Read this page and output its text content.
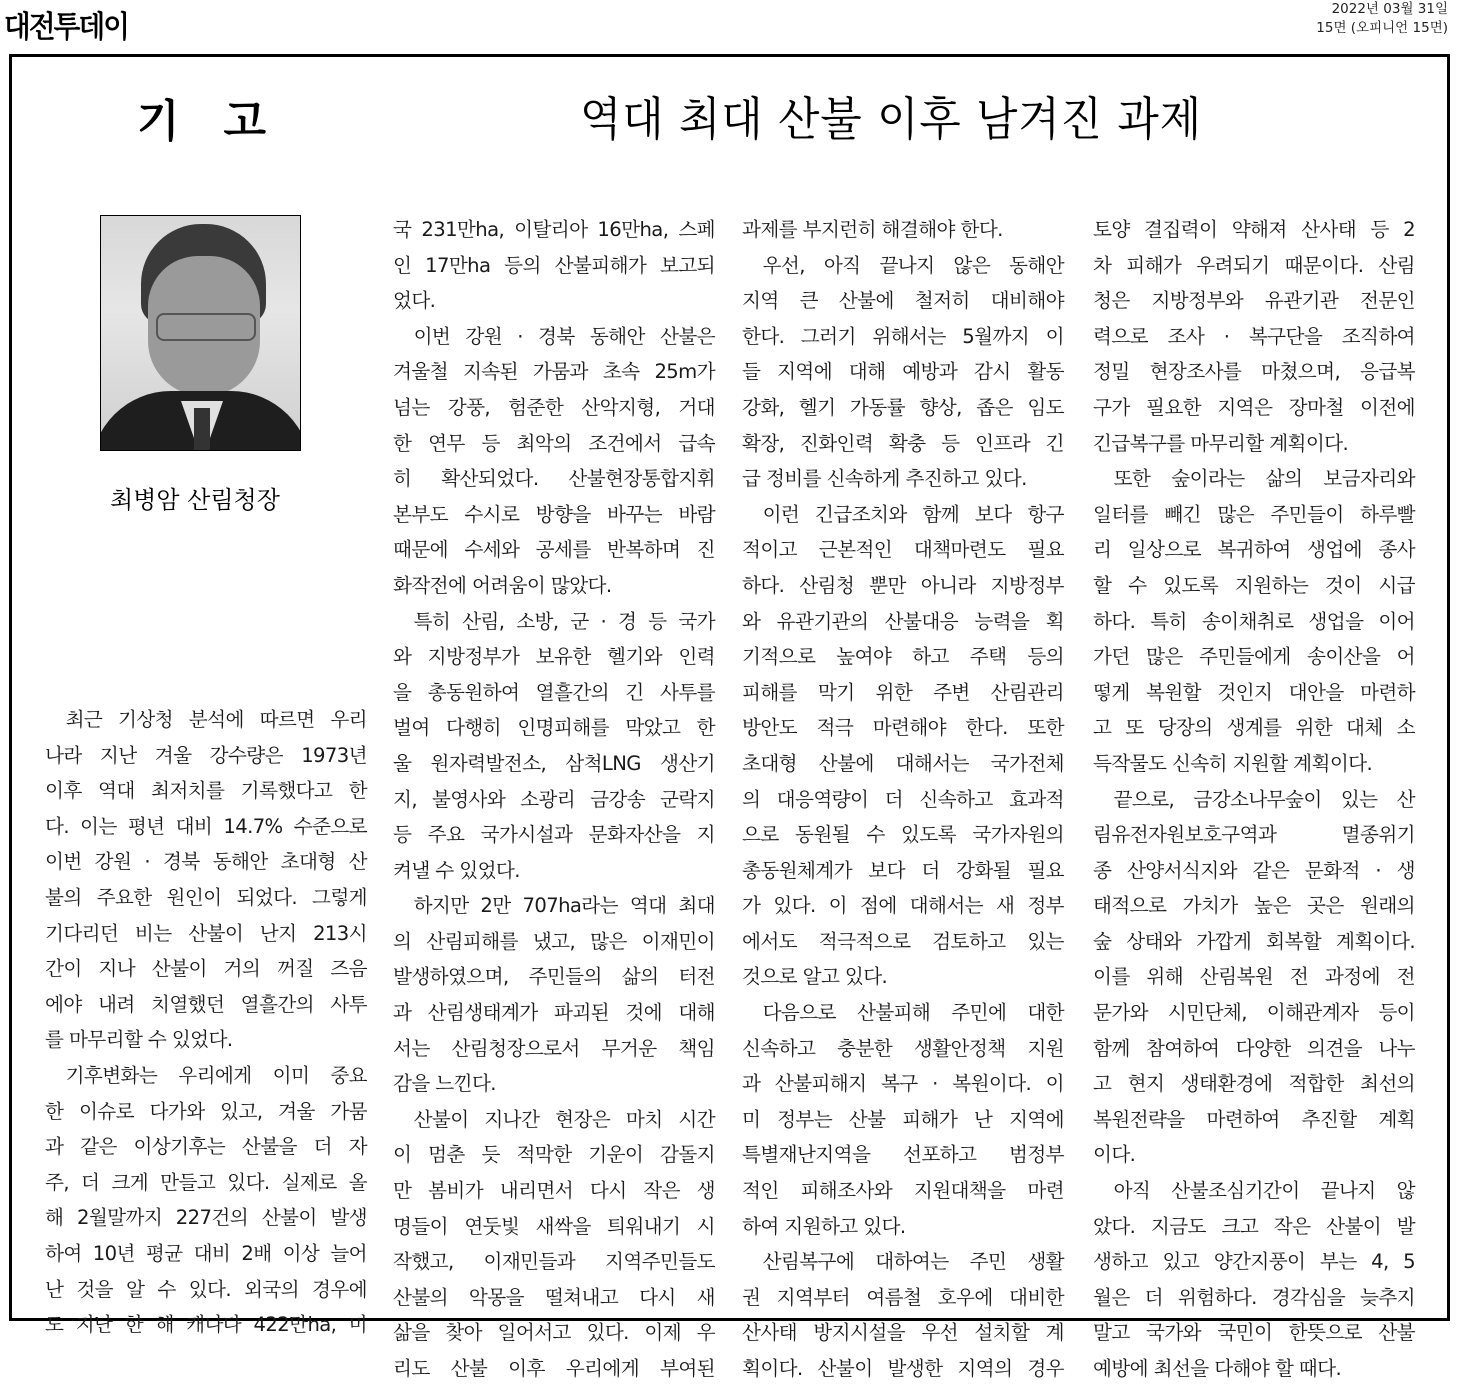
대전투데이
2022년 03월 31일
15면 (오피니언 15면)
기고	역대 최대 산불 이후 남겨진 과제
최병암 산림청장
최근 기상청 분석에 따르면 우리
나라 지난 겨울 강수량은 1973년
이후 역대 최저치를 기록했다고 한
다. 이는 평년 대비 14.7% 수준으로
이번 강원 · 경북 동해안 초대형 산
불의 주요한 원인이 되었다. 그렇게
기다리던 비는 산불이 난지 213시
간이 지나 산불이 거의 꺼질 즈음
에야 내려 치열했던 열흘간의 사투
를 마무리할 수 있었다.
기후변화는 우리에게 이미 중요
한 이슈로 다가와 있고, 겨울 가뭄
과 같은 이상기후는 산불을 더 자
주, 더 크게 만들고 있다. 실제로 올
해 2월말까지 227건의 산불이 발생
하여 10년 평균 대비 2배 이상 늘어
난 것을 알 수 있다. 외국의 경우에
도 지난 한 해 캐나다 422만ha, 미
국 231만ha, 이탈리아 16만ha, 스페
인 17만ha 등의 산불피해가 보고되
었다.
이번 강원 · 경북 동해안 산불은
겨울철 지속된 가뭄과 초속 25m가
넘는 강풍, 험준한 산악지형, 거대
한 연무 등 최악의 조건에서 급속
히 확산되었다. 산불현장통합지휘
본부도 수시로 방향을 바꾸는 바람
때문에 수세와 공세를 반복하며 진
화작전에 어려움이 많았다.
특히 산림, 소방, 군 · 경 등 국가
와 지방정부가 보유한 헬기와 인력
을 총동원하여 열흘간의 긴 사투를
벌여 다행히 인명피해를 막았고 한
울 원자력발전소, 삼척LNG 생산기
지, 불영사와 소광리 금강송 군락지
등 주요 국가시설과 문화자산을 지
켜낼 수 있었다.
하지만 2만 707ha라는 역대 최대
의 산림피해를 냈고, 많은 이재민이
발생하였으며, 주민들의 삶의 터전
과 산림생태계가 파괴된 것에 대해
서는 산림청장으로서 무거운 책임
감을 느낀다.
산불이 지나간 현장은 마치 시간
이 멈춘 듯 적막한 기운이 감돌지
만 봄비가 내리면서 다시 작은 생
명들이 연둣빛 새싹을 틔워내기 시
작했고, 이재민들과 지역주민들도
산불의 악몽을 떨쳐내고 다시 새
삶을 찾아 일어서고 있다. 이제 우
리도 산불 이후 우리에게 부여된
과제를 부지런히 해결해야 한다.
우선, 아직 끝나지 않은 동해안
지역 큰 산불에 철저히 대비해야
한다. 그러기 위해서는 5월까지 이
들 지역에 대해 예방과 감시 활동
강화, 헬기 가동률 향상, 좁은 임도
확장, 진화인력 확충 등 인프라 긴
급 정비를 신속하게 추진하고 있다.
이런 긴급조치와 함께 보다 항구
적이고 근본적인 대책마련도 필요
하다. 산림청 뿐만 아니라 지방정부
와 유관기관의 산불대응 능력을 획
기적으로 높여야 하고 주택 등의
피해를 막기 위한 주변 산림관리
방안도 적극 마련해야 한다. 또한
초대형 산불에 대해서는 국가전체
의 대응역량이 더 신속하고 효과적
으로 동원될 수 있도록 국가자원의
총동원체계가 보다 더 강화될 필요
가 있다. 이 점에 대해서는 새 정부
에서도 적극적으로 검토하고 있는
것으로 알고 있다.
다음으로 산불피해 주민에 대한
신속하고 충분한 생활안정책 지원
과 산불피해지 복구 · 복원이다. 이
미 정부는 산불 피해가 난 지역에
특별재난지역을 선포하고 범정부
적인 피해조사와 지원대책을 마련
하여 지원하고 있다.
산림복구에 대하여는 주민 생활
권 지역부터 여름철 호우에 대비한
산사태 방지시설을 우선 설치할 계
획이다. 산불이 발생한 지역의 경우
토양 결집력이 약해져 산사태 등 2
차 피해가 우려되기 때문이다. 산림
청은 지방정부와 유관기관 전문인
력으로 조사 · 복구단을 조직하여
정밀 현장조사를 마쳤으며, 응급복
구가 필요한 지역은 장마철 이전에
긴급복구를 마무리할 계획이다.
또한 숲이라는 삶의 보금자리와
일터를 빼긴 많은 주민들이 하루빨
리 일상으로 복귀하여 생업에 종사
할 수 있도록 지원하는 것이 시급
하다. 특히 송이채취로 생업을 이어
가던 많은 주민들에게 송이산을 어
떻게 복원할 것인지 대안을 마련하
고 또 당장의 생계를 위한 대체 소
득작물도 신속히 지원할 계획이다.
끝으로, 금강소나무숲이 있는 산
림유전자원보호구역과 멸종위기
종 산양서식지와 같은 문화적 · 생
태적으로 가치가 높은 곳은 원래의
숲 상태와 가깝게 회복할 계획이다.
이를 위해 산림복원 전 과정에 전
문가와 시민단체, 이해관계자 등이
함께 참여하여 다양한 의견을 나누
고 현지 생태환경에 적합한 최선의
복원전략을 마련하여 추진할 계획
이다.
아직 산불조심기간이 끝나지 않
았다. 지금도 크고 작은 산불이 발
생하고 있고 양간지풍이 부는 4, 5
월은 더 위험하다. 경각심을 늦추지
말고 국가와 국민이 한뜻으로 산불
예방에 최선을 다해야 할 때다.
